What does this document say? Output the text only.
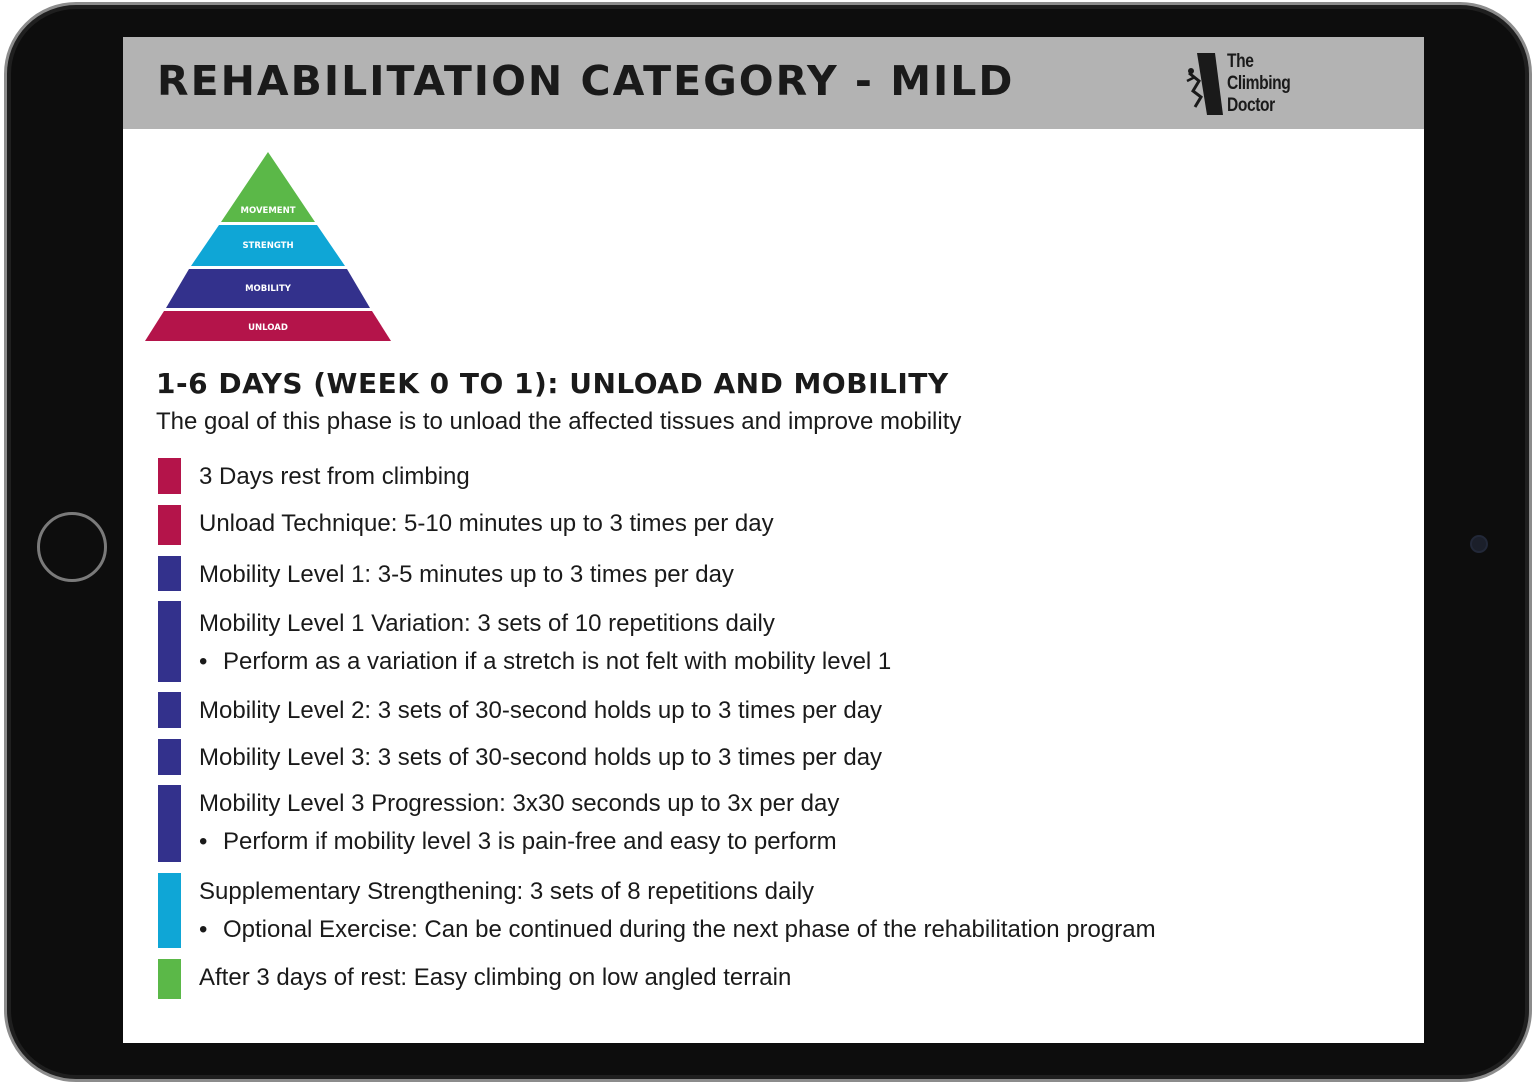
REHABILITATION CATEGORY - MILD	The
Climbing
Doctor
MOVEMENT
STRENGTH
MOBILITY
UNLOAD
1-6 DAYS (WEEK 0 TO 1): UNLOAD AND MOBILITY
The goal of this phase is to unload the affected tissues and improve mobility
3 Days rest from climbing
Unload Technique: 5-10 minutes up to 3 times per day
Mobility Level 1: 3-5 minutes up to 3 times per day
Mobility Level 1 Variation: 3 sets of 10 repetitions daily
• Perform as a variation if a stretch is not felt with mobility level 1
Mobility Level 2: 3 sets of 30-second holds up to 3 times per day
Mobility Level 3: 3 sets of 30-second holds up to 3 times per day
Mobility Level 3 Progression: 3x30 seconds up to 3x per day
• Perform if mobility level 3 is pain-free and easy to perform
Supplementary Strengthening: 3 sets of 8 repetitions daily
• Optional Exercise: Can be continued during the next phase of the rehabilitation program
After 3 days of rest: Easy climbing on low angled terrain
